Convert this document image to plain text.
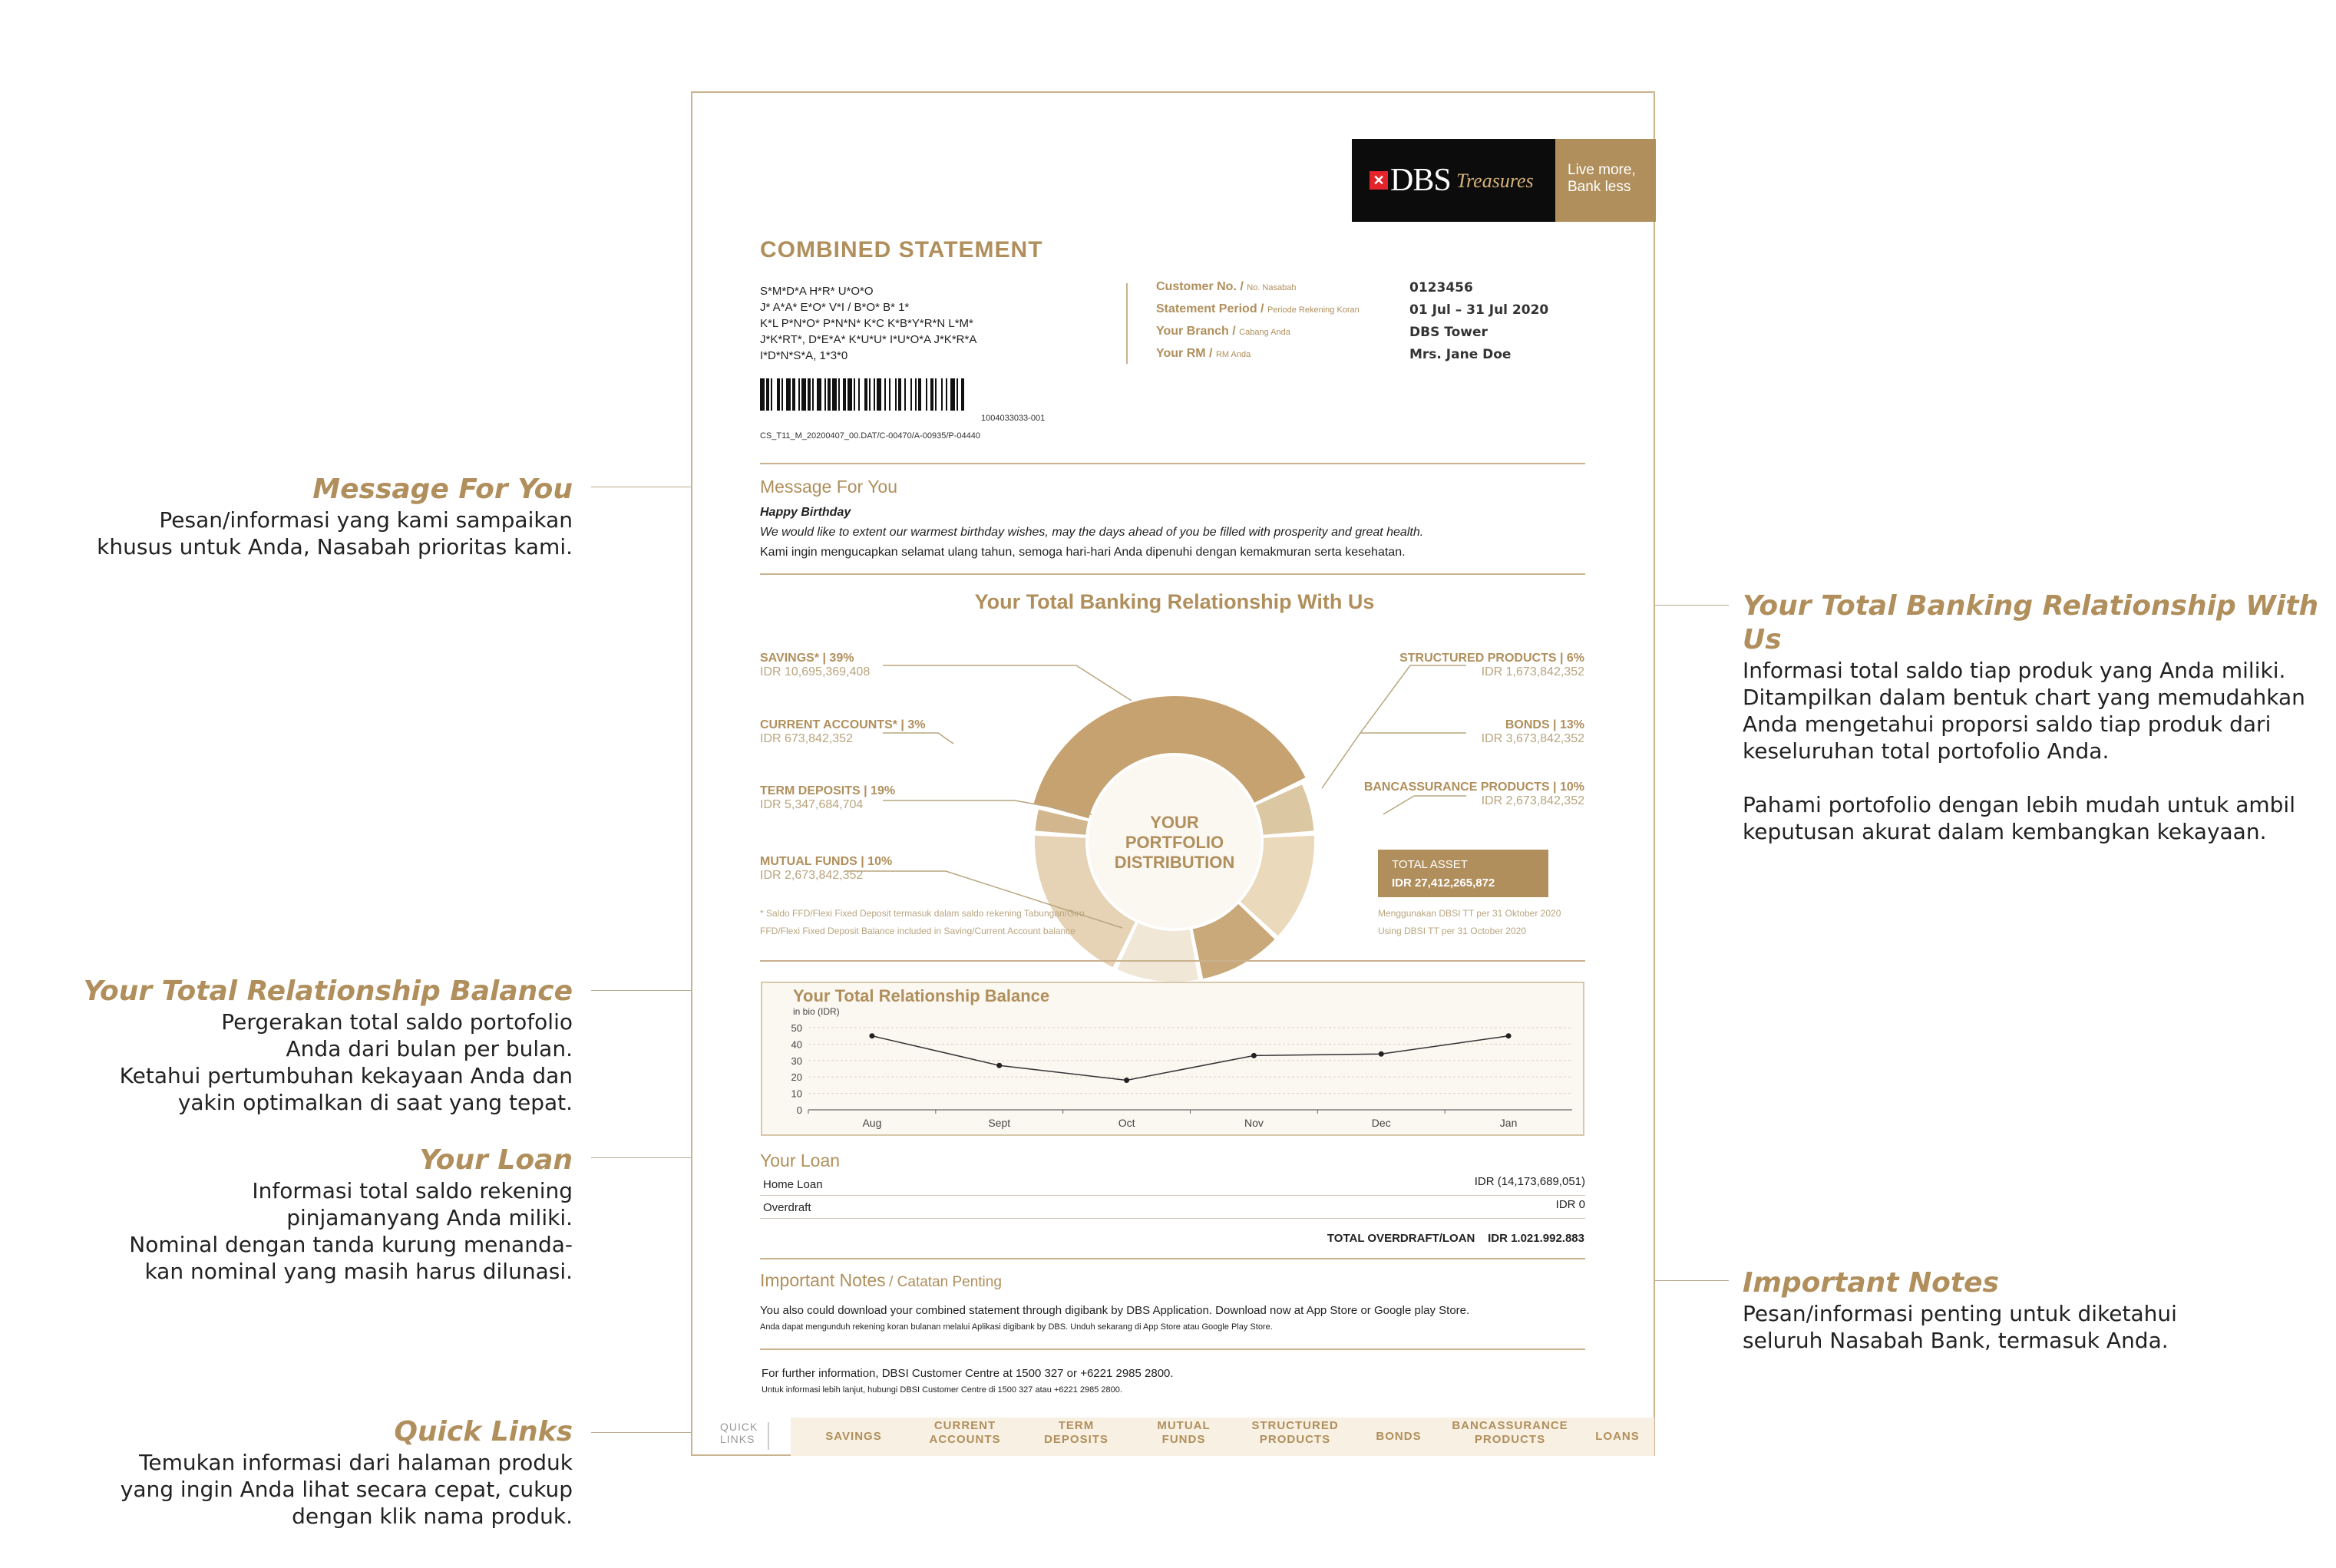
Message For You
Pesan/informasi yang kami sampaikan
khusus untuk Anda, Nasabah prioritas kami.
Your Total Relationship Balance
Pergerakan total saldo portofolio
Anda dari bulan per bulan.
Ketahui pertumbuhan kekayaan Anda dan
yakin optimalkan di saat yang tepat.
Your Loan
Informasi total saldo rekening
pinjamanyang Anda miliki.
Nominal dengan tanda kurung menanda-
kan nominal yang masih harus dilunasi.
Quick Links
Temukan informasi dari halaman produk
yang ingin Anda lihat secara cepat, cukup
dengan klik nama produk.
Your Total Banking Relationship With Us
Informasi total saldo tiap produk yang Anda miliki.
Ditampilkan dalam bentuk chart yang memudahkan
Anda mengetahui proporsi saldo tiap produk dari
keseluruhan total portofolio Anda.

Pahami portofolio dengan lebih mudah untuk ambil
keputusan akurat dalam kembangkan kekayaan.
Important Notes
Pesan/informasi penting untuk diketahui
seluruh Nasabah Bank, termasuk Anda.
✕ DBS Treasures Live more,
Bank less
COMBINED STATEMENT
S*M*D*A H*R* U*O*O
J* A*A* E*O* V*I / B*O* B* 1*
K*L P*N*O* P*N*N* K*C K*B*Y*R*N L*M*
J*K*RT*, D*E*A* K*U*U* I*U*O*A J*K*R*A
I*D*N*S*A, 1*3*0
1004033033-001
CS_T11_M_20200407_00.DAT/C-00470/A-00935/P-04440
Customer No. / No. Nasabah	0123456
Statement Period / Periode Rekening Koran	01 Jul – 31 Jul 2020
Your Branch / Cabang Anda	DBS Tower
Your RM / RM Anda	Mrs. Jane Doe
Message For You
Happy Birthday
We would like to extent our warmest birthday wishes, may the days ahead of you be filled with prosperity and great health.
Kami ingin mengucapkan selamat ulang tahun, semoga hari-hari Anda dipenuhi dengan kemakmuran serta kesehatan.
Your Total Banking Relationship With Us
YOUR
PORTFOLIO
DISTRIBUTION
SAVINGS* | 39%
IDR 10,695,369,408
CURRENT ACCOUNTS* | 3%
IDR 673,842,352
TERM DEPOSITS | 19%
IDR 5,347,684,704
MUTUAL FUNDS | 10%
IDR 2,673,842,352
STRUCTURED PRODUCTS | 6%
IDR 1,673,842,352
BONDS | 13%
IDR 3,673,842,352
BANCASSURANCE PRODUCTS | 10%
IDR 2,673,842,352
TOTAL ASSET
IDR 27,412,265,872
* Saldo FFD/Flexi Fixed Deposit termasuk dalam saldo rekening Tabungan/Giro
FFD/Flexi Fixed Deposit Balance included in Saving/Current Account balance
Menggunakan DBSI TT per 31 Oktober 2020
Using DBSI TT per 31 October 2020
Your Total Relationship Balance
in bio (IDR)
50
40
30
20
10
0
Aug	Sept	Oct	Nov	Dec	Jan
Your Loan
Home Loan	IDR (14,173,689,051)
Overdraft	IDR 0
TOTAL OVERDRAFT/LOAN IDR 1.021.992.883
Important Notes / Catatan Penting
You also could download your combined statement through digibank by DBS Application. Download now at App Store or Google play Store.
Anda dapat mengunduh rekening koran bulanan melalui Aplikasi digibank by DBS. Unduh sekarang di App Store atau Google Play Store.
For further information, DBSI Customer Centre at 1500 327 or +6221 2985 2800.
Untuk informasi lebih lanjut, hubungi DBSI Customer Centre di 1500 327 atau +6221 2985 2800.
QUICK
LINKS	SAVINGS
CURRENT
ACCOUNTS
TERM
DEPOSITS
MUTUAL
FUNDS
STRUCTURED
PRODUCTS	BONDS
BANCASSURANCE
PRODUCTS	LOANS
